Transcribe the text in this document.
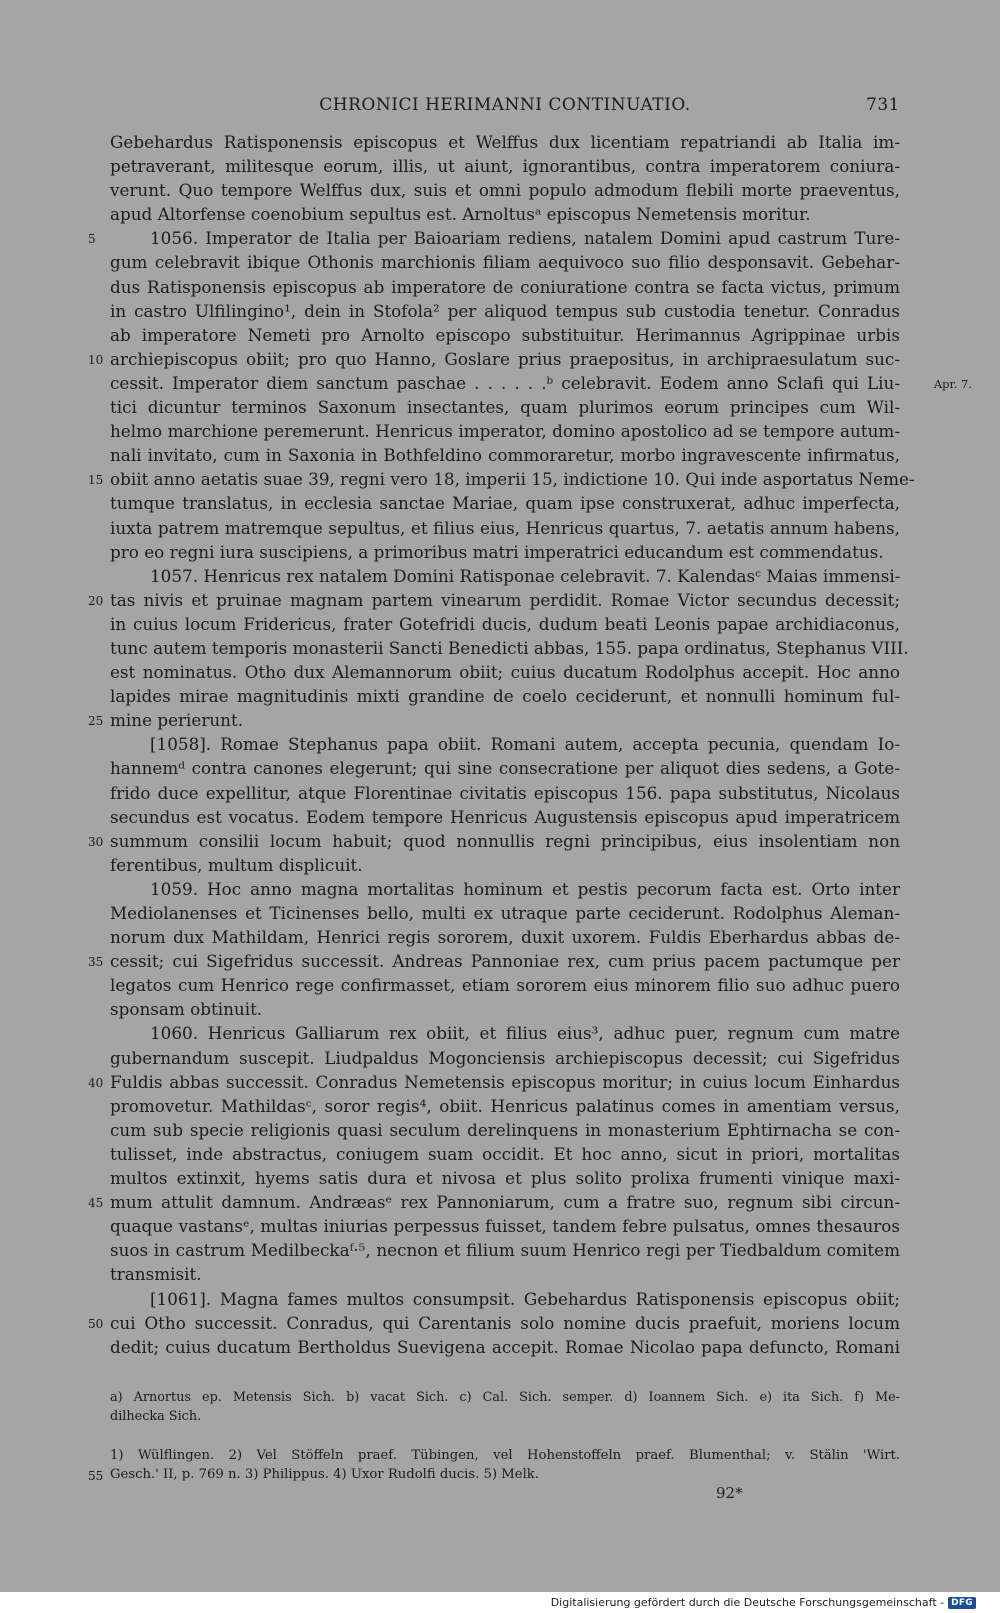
CHRONICI HERIMANNI CONTINUATIO.	731
Gebehardus Ratisponensis episcopus et Welffus dux licentiam repatriandi ab Italia im-
petraverant, militesque eorum, illis, ut aiunt, ignorantibus, contra imperatorem coniura-
verunt. Quo tempore Welffus dux, suis et omni populo admodum flebili morte praeventus,
apud Altorfense coenobium sepultus est. Arnoltusᵃ episcopus Nemetensis moritur.
1056. Imperator de Italia per Baioariam rediens, natalem Domini apud castrum Ture-
5
gum celebravit ibique Othonis marchionis filiam aequivoco suo filio desponsavit. Gebehar-
dus Ratisponensis episcopus ab imperatore de coniuratione contra se facta victus, primum
in castro Ulfilingino¹, dein in Stofola² per aliquod tempus sub custodia tenetur. Conradus
ab imperatore Nemeti pro Arnolto episcopo substituitur. Herimannus Agrippinae urbis
archiepiscopus obiit; pro quo Hanno, Goslare prius praepositus, in archipraesulatum suc-
10
cessit. Imperator diem sanctum paschae . . . . . .ᵇ celebravit. Eodem anno Sclafi qui Liu-	Apr. 7.
tici dicuntur terminos Saxonum insectantes, quam plurimos eorum principes cum Wil-
helmo marchione peremerunt. Henricus imperator, domino apostolico ad se tempore autum-
nali invitato, cum in Saxonia in Bothfeldino commoraretur, morbo ingravescente infirmatus,
obiit anno aetatis suae 39, regni vero 18, imperii 15, indictione 10. Qui inde asportatus Neme-
15
tumque translatus, in ecclesia sanctae Mariae, quam ipse construxerat, adhuc imperfecta,
iuxta patrem matremque sepultus, et filius eius, Henricus quartus, 7. aetatis annum habens,
pro eo regni iura suscipiens, a primoribus matri imperatrici educandum est commendatus.
1057. Henricus rex natalem Domini Ratisponae celebravit. 7. Kalendasᶜ Maias immensi-
tas nivis et pruinae magnam partem vinearum perdidit. Romae Victor secundus decessit;
20
in cuius locum Fridericus, frater Gotefridi ducis, dudum beati Leonis papae archidiaconus,
tunc autem temporis monasterii Sancti Benedicti abbas, 155. papa ordinatus, Stephanus VIII.
est nominatus. Otho dux Alemannorum obiit; cuius ducatum Rodolphus accepit. Hoc anno
lapides mirae magnitudinis mixti grandine de coelo ceciderunt, et nonnulli hominum ful-
mine perierunt.
25
[1058]. Romae Stephanus papa obiit. Romani autem, accepta pecunia, quendam Io-
hannemᵈ contra canones elegerunt; qui sine consecratione per aliquot dies sedens, a Gote-
frido duce expellitur, atque Florentinae civitatis episcopus 156. papa substitutus, Nicolaus
secundus est vocatus. Eodem tempore Henricus Augustensis episcopus apud imperatricem
summum consilii locum habuit; quod nonnullis regni principibus, eius insolentiam non
30
ferentibus, multum displicuit.
1059. Hoc anno magna mortalitas hominum et pestis pecorum facta est. Orto inter
Mediolanenses et Ticinenses bello, multi ex utraque parte ceciderunt. Rodolphus Aleman-
norum dux Mathildam, Henrici regis sororem, duxit uxorem. Fuldis Eberhardus abbas de-
cessit; cui Sigefridus successit. Andreas Pannoniae rex, cum prius pacem pactumque per
35
legatos cum Henrico rege confirmasset, etiam sororem eius minorem filio suo adhuc puero
sponsam obtinuit.
1060. Henricus Galliarum rex obiit, et filius eius³, adhuc puer, regnum cum matre
gubernandum suscepit. Liudpaldus Mogonciensis archiepiscopus decessit; cui Sigefridus
Fuldis abbas successit. Conradus Nemetensis episcopus moritur; in cuius locum Einhardus
40
promovetur. Mathildasᶜ, soror regis⁴, obiit. Henricus palatinus comes in amentiam versus,
cum sub specie religionis quasi seculum derelinquens in monasterium Ephtirnacha se con-
tulisset, inde abstractus, coniugem suam occidit. Et hoc anno, sicut in priori, mortalitas
multos extinxit, hyems satis dura et nivosa et plus solito prolixa frumenti vinique maxi-
mum attulit damnum. Andræasᵉ rex Pannoniarum, cum a fratre suo, regnum sibi circun-
45
quaque vastansᵉ, multas iniurias perpessus fuisset, tandem febre pulsatus, omnes thesauros
suos in castrum Medilbeckaᶠ·⁵, necnon et filium suum Henrico regi per Tiedbaldum comitem
transmisit.
[1061]. Magna fames multos consumpsit. Gebehardus Ratisponensis episcopus obiit;
cui Otho successit. Conradus, qui Carentanis solo nomine ducis praefuit, moriens locum
50
dedit; cuius ducatum Bertholdus Suevigena accepit. Romae Nicolao papa defuncto, Romani
a) Arnortus ep. Metensis Sich. b) vacat Sich. c) Cal. Sich. semper. d) Ioannem Sich. e) ita Sich. f) Me-
dilhecka Sich.
1) Wülflingen. 2) Vel Stöffeln praef. Tübingen, vel Hohenstoffeln praef. Blumenthal; v. Stälin 'Wirt.
Gesch.' II, p. 769 n. 3) Philippus. 4) Uxor Rudolfi ducis. 5) Melk.
55
92*
Digitalisierung gefördert durch die Deutsche Forschungsgemeinschaft - DFG
